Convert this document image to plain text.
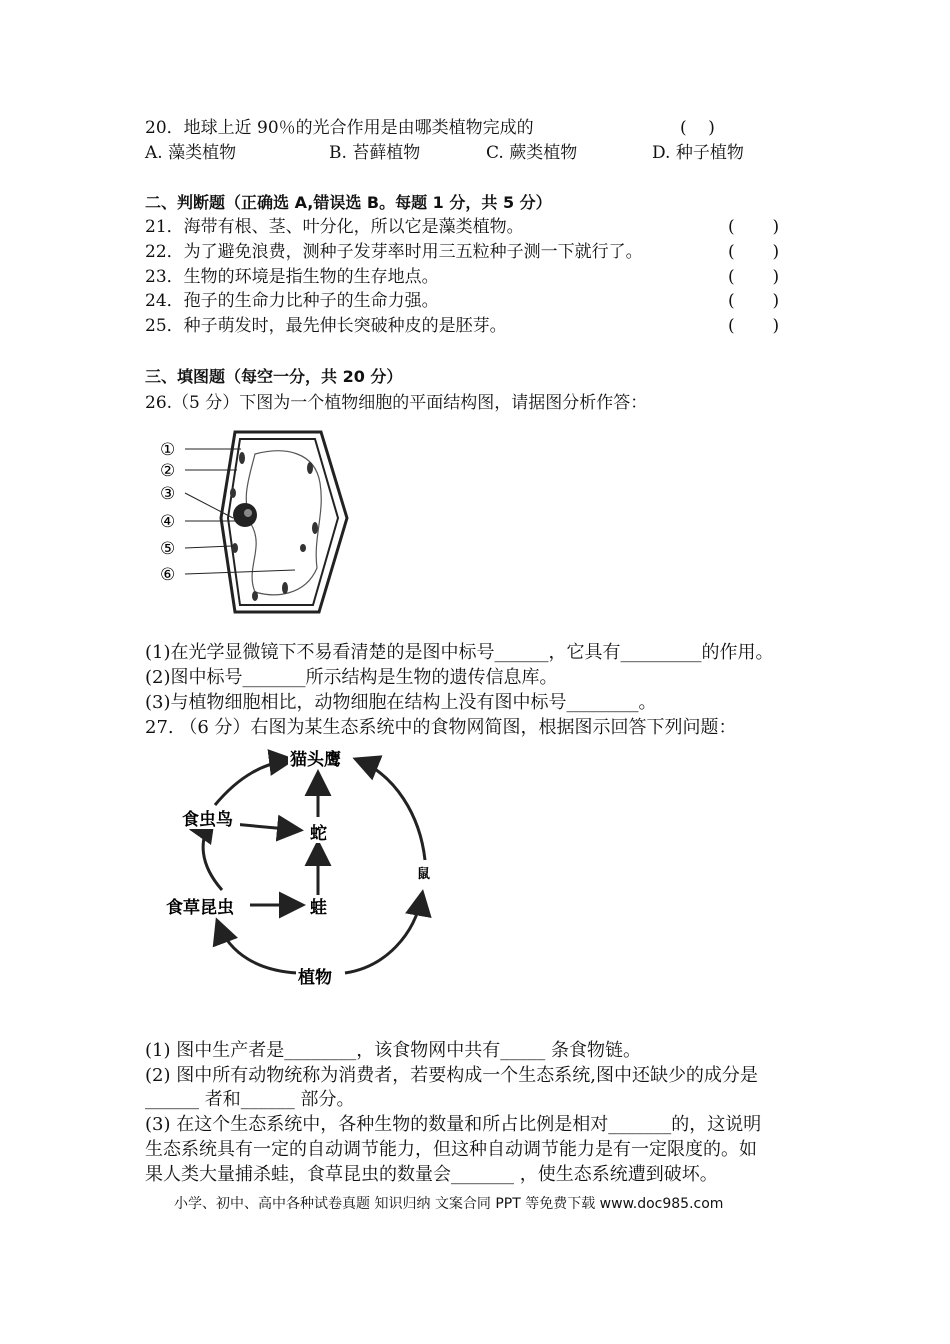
20．地球上近 90％的光合作用是由哪类植物完成的	(    )
A. 藻类植物	B. 苔藓植物	C. 蕨类植物	D. 种子植物
二、判断题（正确选 A,错误选 B。每题 1 分，共 5 分）
21．海带有根、茎、叶分化，所以它是藻类植物。	(       )
22．为了避免浪费，测种子发芽率时用三五粒种子测一下就行了。	(       )
23．生物的环境是指生物的生存地点。	(       )
24．孢子的生命力比种子的生命力强。	(       )
25．种子萌发时，最先伸长突破种皮的是胚芽。	(       )
三、填图题（每空一分，共 20 分）
26.（5 分）下图为一个植物细胞的平面结构图，请据图分析作答：
①
②
③
④
⑤
⑥
(1)在光学显微镜下不易看清楚的是图中标号______，它具有_________的作用。
(2)图中标号_______所示结构是生物的遗传信息库。
(3)与植物细胞相比，动物细胞在结构上没有图中标号________。
27. （6 分）右图为某生态系统中的食物网简图，根据图示回答下列问题：
猫头鹰
食虫鸟
蛇
食草昆虫	蛙
植物
鼠
(1) 图中生产者是________，该食物网中共有_____ 条食物链。
(2) 图中所有动物统称为消费者，若要构成一个生态系统,图中还缺少的成分是
______ 者和______ 部分。
(3) 在这个生态系统中，各种生物的数量和所占比例是相对_______的，这说明
生态系统具有一定的自动调节能力，但这种自动调节能力是有一定限度的。如
果人类大量捕杀蛙，食草昆虫的数量会_______ ，使生态系统遭到破坏。
小学、初中、高中各种试卷真题 知识归纳 文案合同 PPT 等免费下载 www.doc985.com
